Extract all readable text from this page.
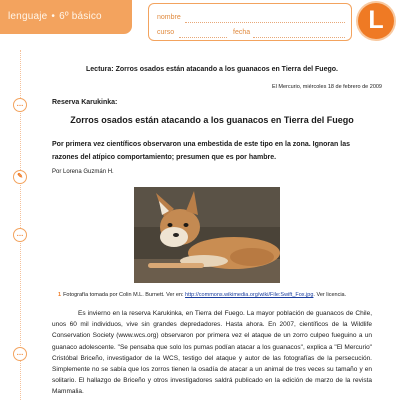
lenguaje • 6º básico	nombre
curso	fecha	L
…
✎
…
…
Lectura: Zorros osados están atacando a los guanacos en Tierra del Fuego.
El Mercurio, miércoles 18 de febrero de 2009
Reserva Karukinka:
Zorros osados están atacando a los guanacos en Tierra del Fuego
Por primera vez científicos observaron una embestida de este tipo en la zona. Ignoran las razones del atípico comportamiento; presumen que es por hambre.
Por Lorena Guzmán H.
1 Fotografía tomada por Colin M.L. Burnett. Ver en: http://commons.wikimedia.org/wiki/File:Swift_Fox.jpg. Ver licencia.
Es invierno en la reserva Karukinka, en Tierra del Fuego. La mayor población de guanacos de Chile, unos 60 mil individuos, vive sin grandes depredadores. Hasta ahora. En 2007, científicos de la Wildlife Conservation Society (www.wcs.org) observaron por primera vez el ataque de un zorro culpeo fueguino a un guanaco adolescente. "Se pensaba que solo los pumas podían atacar a los guanacos", explica a "El Mercurio" Cristóbal Briceño, investigador de la WCS, testigo del ataque y autor de las fotografías de la persecución. Simplemente no se sabía que los zorros tienen la osadía de atacar a un animal de tres veces su tamaño y en solitario. El hallazgo de Briceño y otros investigadores saldrá publicado en la edición de marzo de la revista Mammalia.
